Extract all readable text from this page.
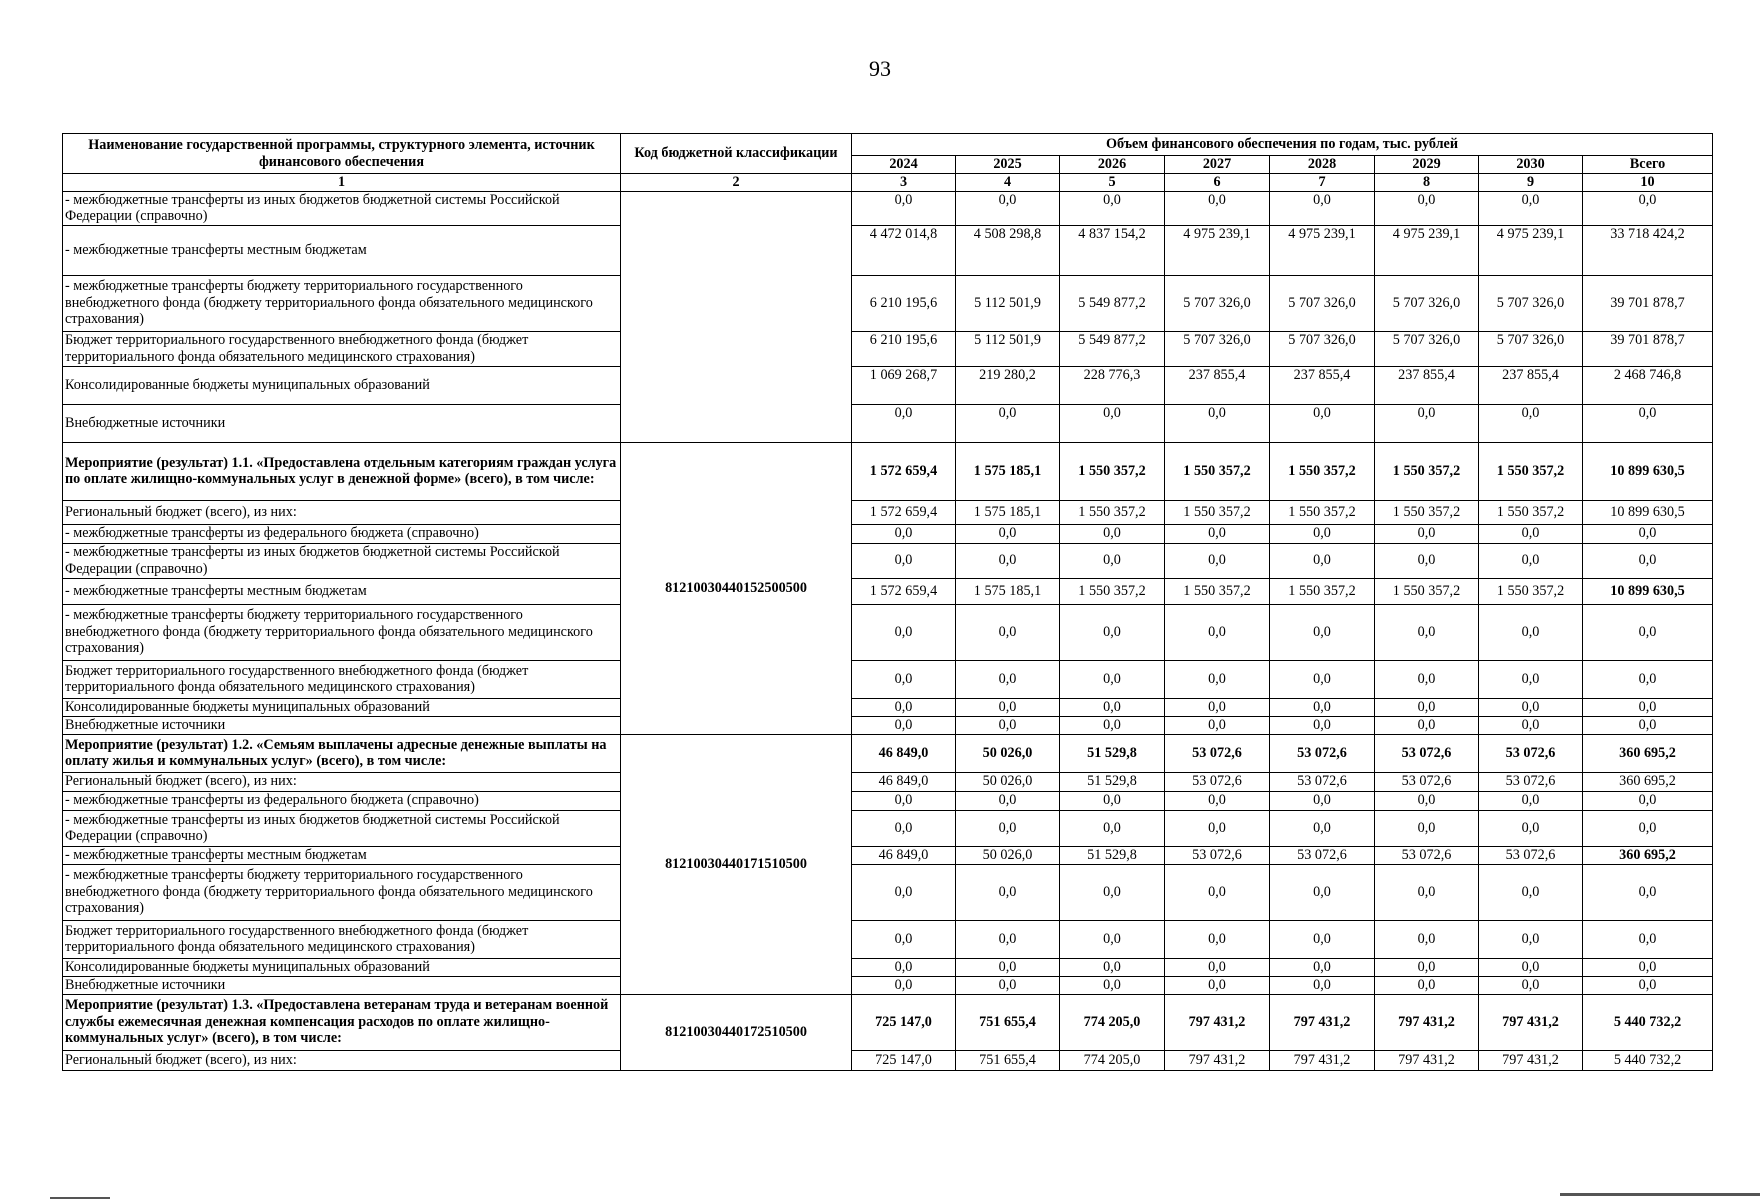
93
Наименование государственной программы, структурного элемента, источник финансового обеспечения	Код бюджетной классификации	Объем финансового обеспечения по годам, тыс. рублей							
		2024	2025	2026	2027	2028	2029	2030	Всего
1	2	3	4	5	6	7	8	9	10
- межбюджетные трансферты из иных бюджетов бюджетной системы Российской Федерации (справочно)		0,0	0,0	0,0	0,0	0,0	0,0	0,0	0,0
- межбюджетные трансферты местным бюджетам		4 472 014,8	4 508 298,8	4 837 154,2	4 975 239,1	4 975 239,1	4 975 239,1	4 975 239,1	33 718 424,2
- межбюджетные трансферты бюджету территориального государственного внебюджетного фонда (бюджету территориального фонда обязательного медицинского страхования)		6 210 195,6	5 112 501,9	5 549 877,2	5 707 326,0	5 707 326,0	5 707 326,0	5 707 326,0	39 701 878,7
Бюджет территориального государственного внебюджетного фонда (бюджет территориального фонда обязательного медицинского страхования)		6 210 195,6	5 112 501,9	5 549 877,2	5 707 326,0	5 707 326,0	5 707 326,0	5 707 326,0	39 701 878,7
Консолидированные бюджеты муниципальных образований		1 069 268,7	219 280,2	228 776,3	237 855,4	237 855,4	237 855,4	237 855,4	2 468 746,8
Внебюджетные источники		0,0	0,0	0,0	0,0	0,0	0,0	0,0	0,0
Мероприятие (результат) 1.1. «Предоставлена отдельным категориям граждан услуга по оплате жилищно-коммунальных услуг в денежной форме» (всего), в том числе:	81210030440152500500	1 572 659,4	1 575 185,1	1 550 357,2	1 550 357,2	1 550 357,2	1 550 357,2	1 550 357,2	10 899 630,5
Региональный бюджет (всего), из них:		1 572 659,4	1 575 185,1	1 550 357,2	1 550 357,2	1 550 357,2	1 550 357,2	1 550 357,2	10 899 630,5
- межбюджетные трансферты из федерального бюджета (справочно)		0,0	0,0	0,0	0,0	0,0	0,0	0,0	0,0
- межбюджетные трансферты из иных бюджетов бюджетной системы Российской Федерации (справочно)		0,0	0,0	0,0	0,0	0,0	0,0	0,0	0,0
- межбюджетные трансферты местным бюджетам		1 572 659,4	1 575 185,1	1 550 357,2	1 550 357,2	1 550 357,2	1 550 357,2	1 550 357,2	10 899 630,5
- межбюджетные трансферты бюджету территориального государственного внебюджетного фонда (бюджету территориального фонда обязательного медицинского страхования)		0,0	0,0	0,0	0,0	0,0	0,0	0,0	0,0
Бюджет территориального государственного внебюджетного фонда (бюджет территориального фонда обязательного медицинского страхования)		0,0	0,0	0,0	0,0	0,0	0,0	0,0	0,0
Консолидированные бюджеты муниципальных образований		0,0	0,0	0,0	0,0	0,0	0,0	0,0	0,0
Внебюджетные источники		0,0	0,0	0,0	0,0	0,0	0,0	0,0	0,0
Мероприятие (результат) 1.2. «Семьям выплачены адресные денежные выплаты на оплату жилья и коммунальных услуг» (всего), в том числе:	81210030440171510500	46 849,0	50 026,0	51 529,8	53 072,6	53 072,6	53 072,6	53 072,6	360 695,2
Региональный бюджет (всего), из них:		46 849,0	50 026,0	51 529,8	53 072,6	53 072,6	53 072,6	53 072,6	360 695,2
- межбюджетные трансферты из федерального бюджета (справочно)		0,0	0,0	0,0	0,0	0,0	0,0	0,0	0,0
- межбюджетные трансферты из иных бюджетов бюджетной системы Российской Федерации (справочно)		0,0	0,0	0,0	0,0	0,0	0,0	0,0	0,0
- межбюджетные трансферты местным бюджетам		46 849,0	50 026,0	51 529,8	53 072,6	53 072,6	53 072,6	53 072,6	360 695,2
- межбюджетные трансферты бюджету территориального государственного внебюджетного фонда (бюджету территориального фонда обязательного медицинского страхования)		0,0	0,0	0,0	0,0	0,0	0,0	0,0	0,0
Бюджет территориального государственного внебюджетного фонда (бюджет территориального фонда обязательного медицинского страхования)		0,0	0,0	0,0	0,0	0,0	0,0	0,0	0,0
Консолидированные бюджеты муниципальных образований		0,0	0,0	0,0	0,0	0,0	0,0	0,0	0,0
Внебюджетные источники		0,0	0,0	0,0	0,0	0,0	0,0	0,0	0,0
Мероприятие (результат) 1.3. «Предоставлена ветеранам труда и ветеранам военной службы ежемесячная денежная компенсация расходов по оплате жилищно-коммунальных услуг» (всего), в том числе:	81210030440172510500	725 147,0	751 655,4	774 205,0	797 431,2	797 431,2	797 431,2	797 431,2	5 440 732,2
Региональный бюджет (всего), из них:		725 147,0	751 655,4	774 205,0	797 431,2	797 431,2	797 431,2	797 431,2	5 440 732,2
